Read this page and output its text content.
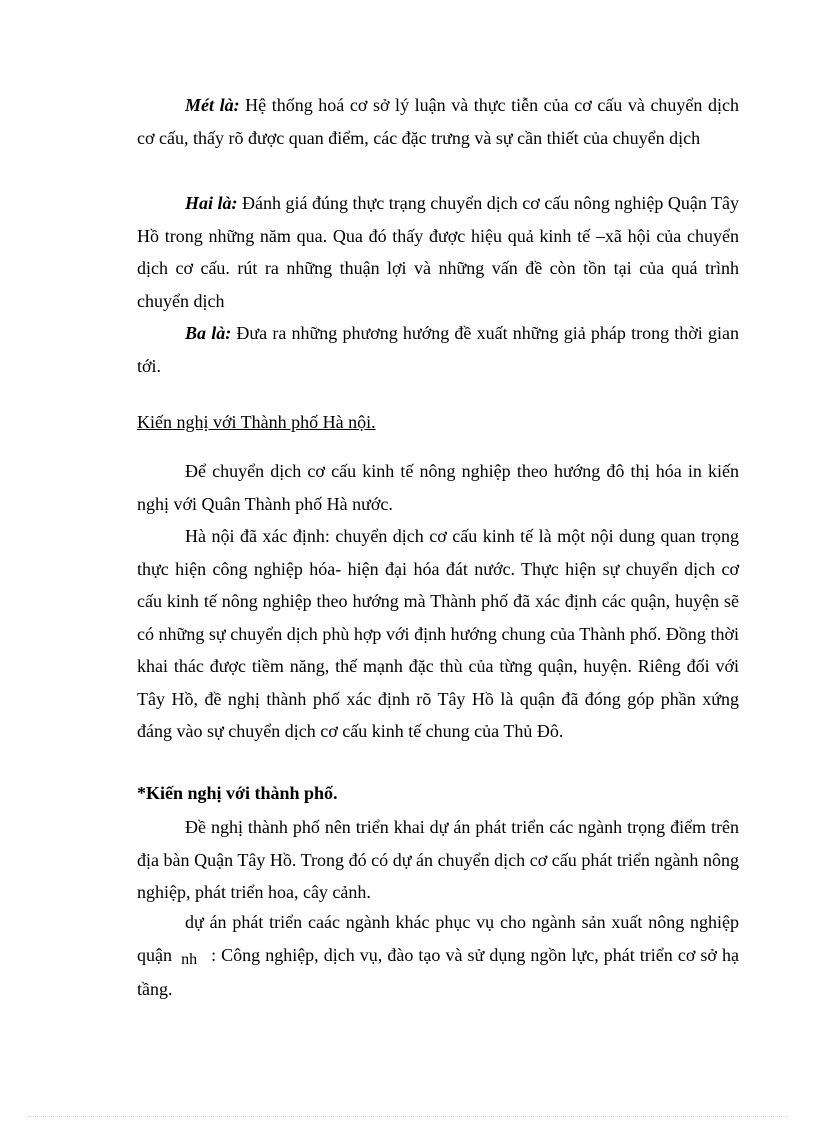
Mét là: Hệ thống hoá cơ sở lý luận và thực tiễn của cơ cấu và chuyển dịch cơ cấu, thấy rõ được quan điểm, các đặc trưng và sự cần thiết của chuyển dịch

Hai là: Đánh giá đúng thực trạng chuyển dịch cơ cấu nông nghiệp Quận Tây Hồ trong những năm qua. Qua đó thấy được hiệu quả kinh tế –xã hội của chuyển dịch cơ cấu. rút ra những thuận lợi và những vấn đề còn tồn tại của quá trình chuyển dịch

Ba là: Đưa ra những phương hướng đề xuất những giả pháp trong thời gian tới.

Kiến nghị với Thành phố Hà nội.

Để chuyển dịch cơ cấu kinh tế nông nghiệp theo hướng đô thị hóa in kiến nghị với Quân Thành phố Hà nước.

Hà nội đã xác định: chuyển dịch cơ cấu kinh tế là một nội dung quan trọng thực hiện công nghiệp hóa- hiện đại hóa đát nước. Thực hiện sự chuyển dịch cơ cấu kinh tế nông nghiệp theo hướng mà Thành phố đã xác định các quận, huyện sẽ có những sự chuyển dịch phù hợp với định hướng chung của Thành phố. Đồng thời khai thác được tiềm năng, thế mạnh đặc thù của từng quận, huyện. Riêng đối với Tây Hồ, đề nghị thành phố xác định rõ Tây Hồ là quận đã đóng góp phần xứng đáng vào sự chuyển dịch cơ cấu kinh tế chung của Thủ Đô.

*Kiến nghị với thành phố.

Đề nghị thành phố nên triển khai dự án phát triển các ngành trọng điểm trên địa bàn Quận Tây Hồ. Trong đó có dự án chuyển dịch cơ cấu phát triển ngành nông nghiệp, phát triển hoa, cây cảnh.

dự án phát triển caác ngành khác phục vụ cho ngành sản xuất nông nghiệp quận nh : Công nghiệp, dịch vụ, đào tạo và sử dụng ngồn lực, phát triển cơ sở hạ tầng.
